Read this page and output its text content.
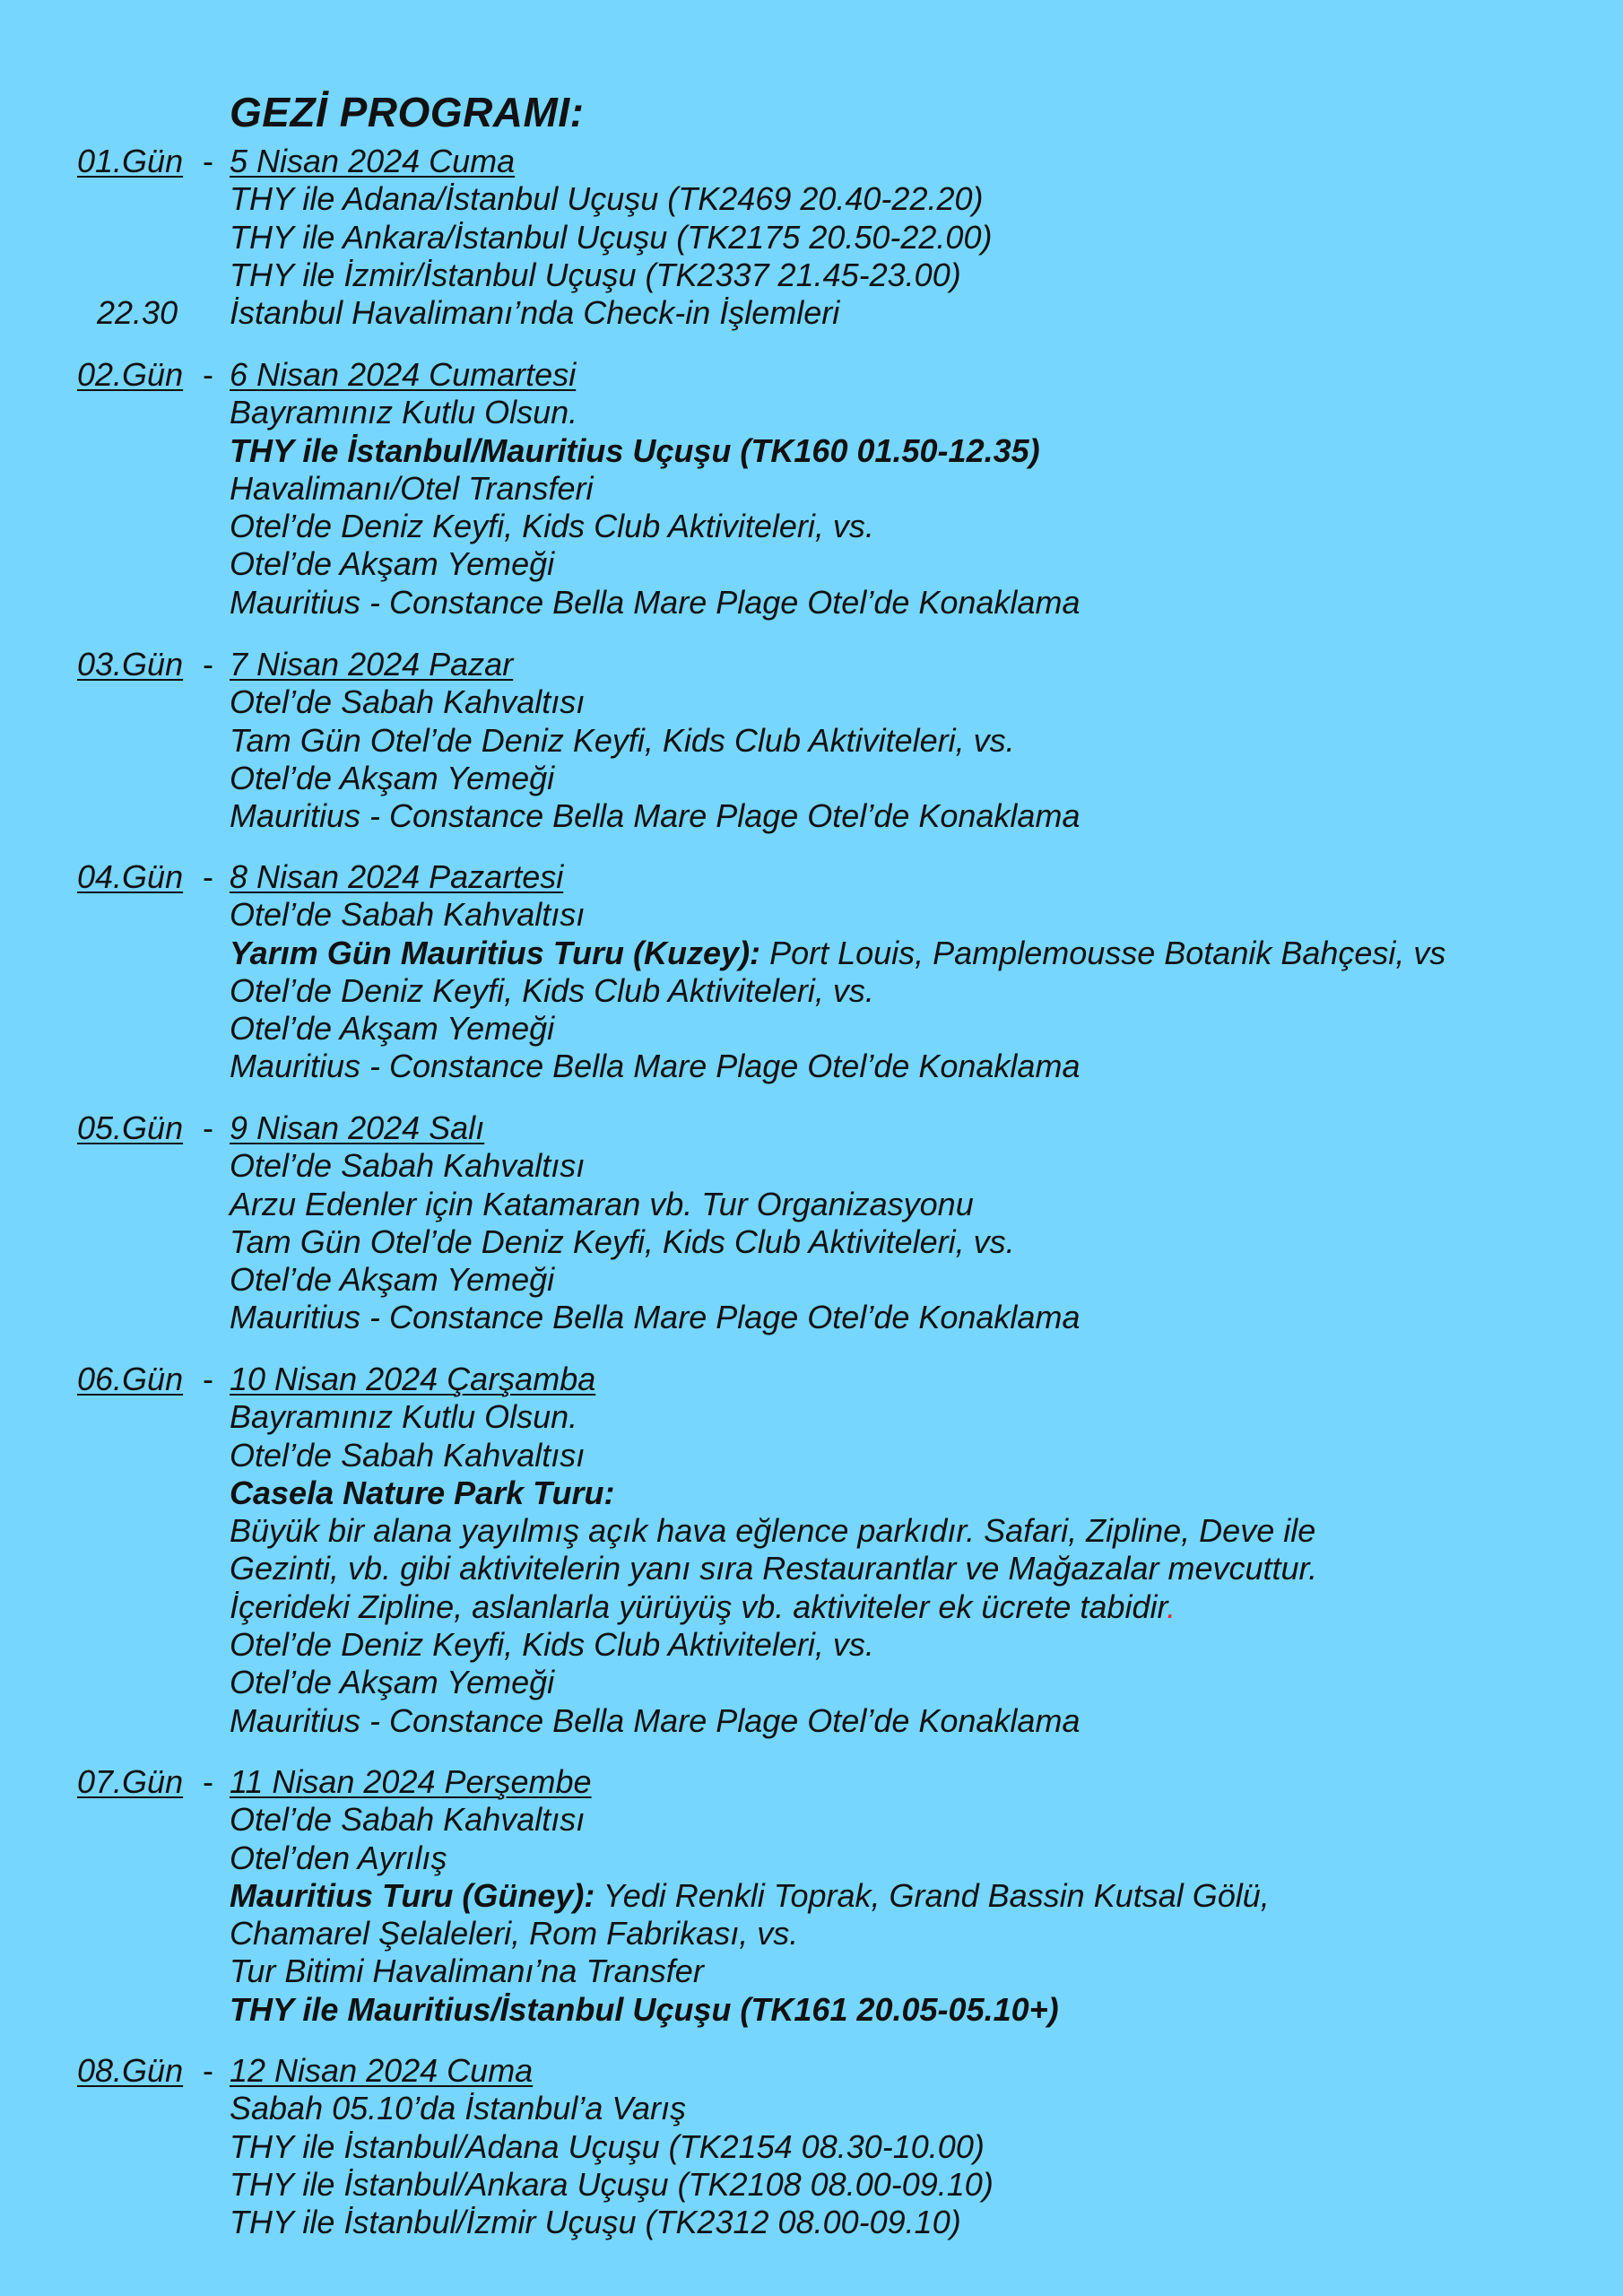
GEZİ PROGRAMI:
01.Gün - 5 Nisan 2024 Cuma
THY ile Adana/İstanbul Uçuşu (TK2469 20.40-22.20)
THY ile Ankara/İstanbul Uçuşu (TK2175 20.50-22.00)
THY ile İzmir/İstanbul Uçuşu (TK2337 21.45-23.00)
22.30 İstanbul Havalimanı’nda Check-in İşlemleri
02.Gün - 6 Nisan 2024 Cumartesi
Bayramınız Kutlu Olsun.
THY ile İstanbul/Mauritius Uçuşu (TK160 01.50-12.35)
Havalimanı/Otel Transferi
Otel’de Deniz Keyfi, Kids Club Aktiviteleri, vs.
Otel’de Akşam Yemeği
Mauritius - Constance Bella Mare Plage Otel’de Konaklama
03.Gün - 7 Nisan 2024 Pazar
Otel’de Sabah Kahvaltısı
Tam Gün Otel’de Deniz Keyfi, Kids Club Aktiviteleri, vs.
Otel’de Akşam Yemeği
Mauritius - Constance Bella Mare Plage Otel’de Konaklama
04.Gün - 8 Nisan 2024 Pazartesi
Otel’de Sabah Kahvaltısı
Yarım Gün Mauritius Turu (Kuzey): Port Louis, Pamplemousse Botanik Bahçesi, vs
Otel’de Deniz Keyfi, Kids Club Aktiviteleri, vs.
Otel’de Akşam Yemeği
Mauritius - Constance Bella Mare Plage Otel’de Konaklama
05.Gün - 9 Nisan 2024 Salı
Otel’de Sabah Kahvaltısı
Arzu Edenler için Katamaran vb. Tur Organizasyonu
Tam Gün Otel’de Deniz Keyfi, Kids Club Aktiviteleri, vs.
Otel’de Akşam Yemeği
Mauritius - Constance Bella Mare Plage Otel’de Konaklama
06.Gün - 10 Nisan 2024 Çarşamba
Bayramınız Kutlu Olsun.
Otel’de Sabah Kahvaltısı
Casela Nature Park Turu:
Büyük bir alana yayılmış açık hava eğlence parkıdır. Safari, Zipline, Deve ile
Gezinti, vb. gibi aktivitelerin yanı sıra Restaurantlar ve Mağazalar mevcuttur.
İçerideki Zipline, aslanlarla yürüyüş vb. aktiviteler ek ücrete tabidir.
Otel’de Deniz Keyfi, Kids Club Aktiviteleri, vs.
Otel’de Akşam Yemeği
Mauritius - Constance Bella Mare Plage Otel’de Konaklama
07.Gün - 11 Nisan 2024 Perşembe
Otel’de Sabah Kahvaltısı
Otel’den Ayrılış
Mauritius Turu (Güney): Yedi Renkli Toprak, Grand Bassin Kutsal Gölü,
Chamarel Şelaleleri, Rom Fabrikası, vs.
Tur Bitimi Havalimanı’na Transfer
THY ile Mauritius/İstanbul Uçuşu (TK161 20.05-05.10+)
08.Gün - 12 Nisan 2024 Cuma
Sabah 05.10’da İstanbul’a Varış
THY ile İstanbul/Adana Uçuşu (TK2154 08.30-10.00)
THY ile İstanbul/Ankara Uçuşu (TK2108 08.00-09.10)
THY ile İstanbul/İzmir Uçuşu (TK2312 08.00-09.10)
